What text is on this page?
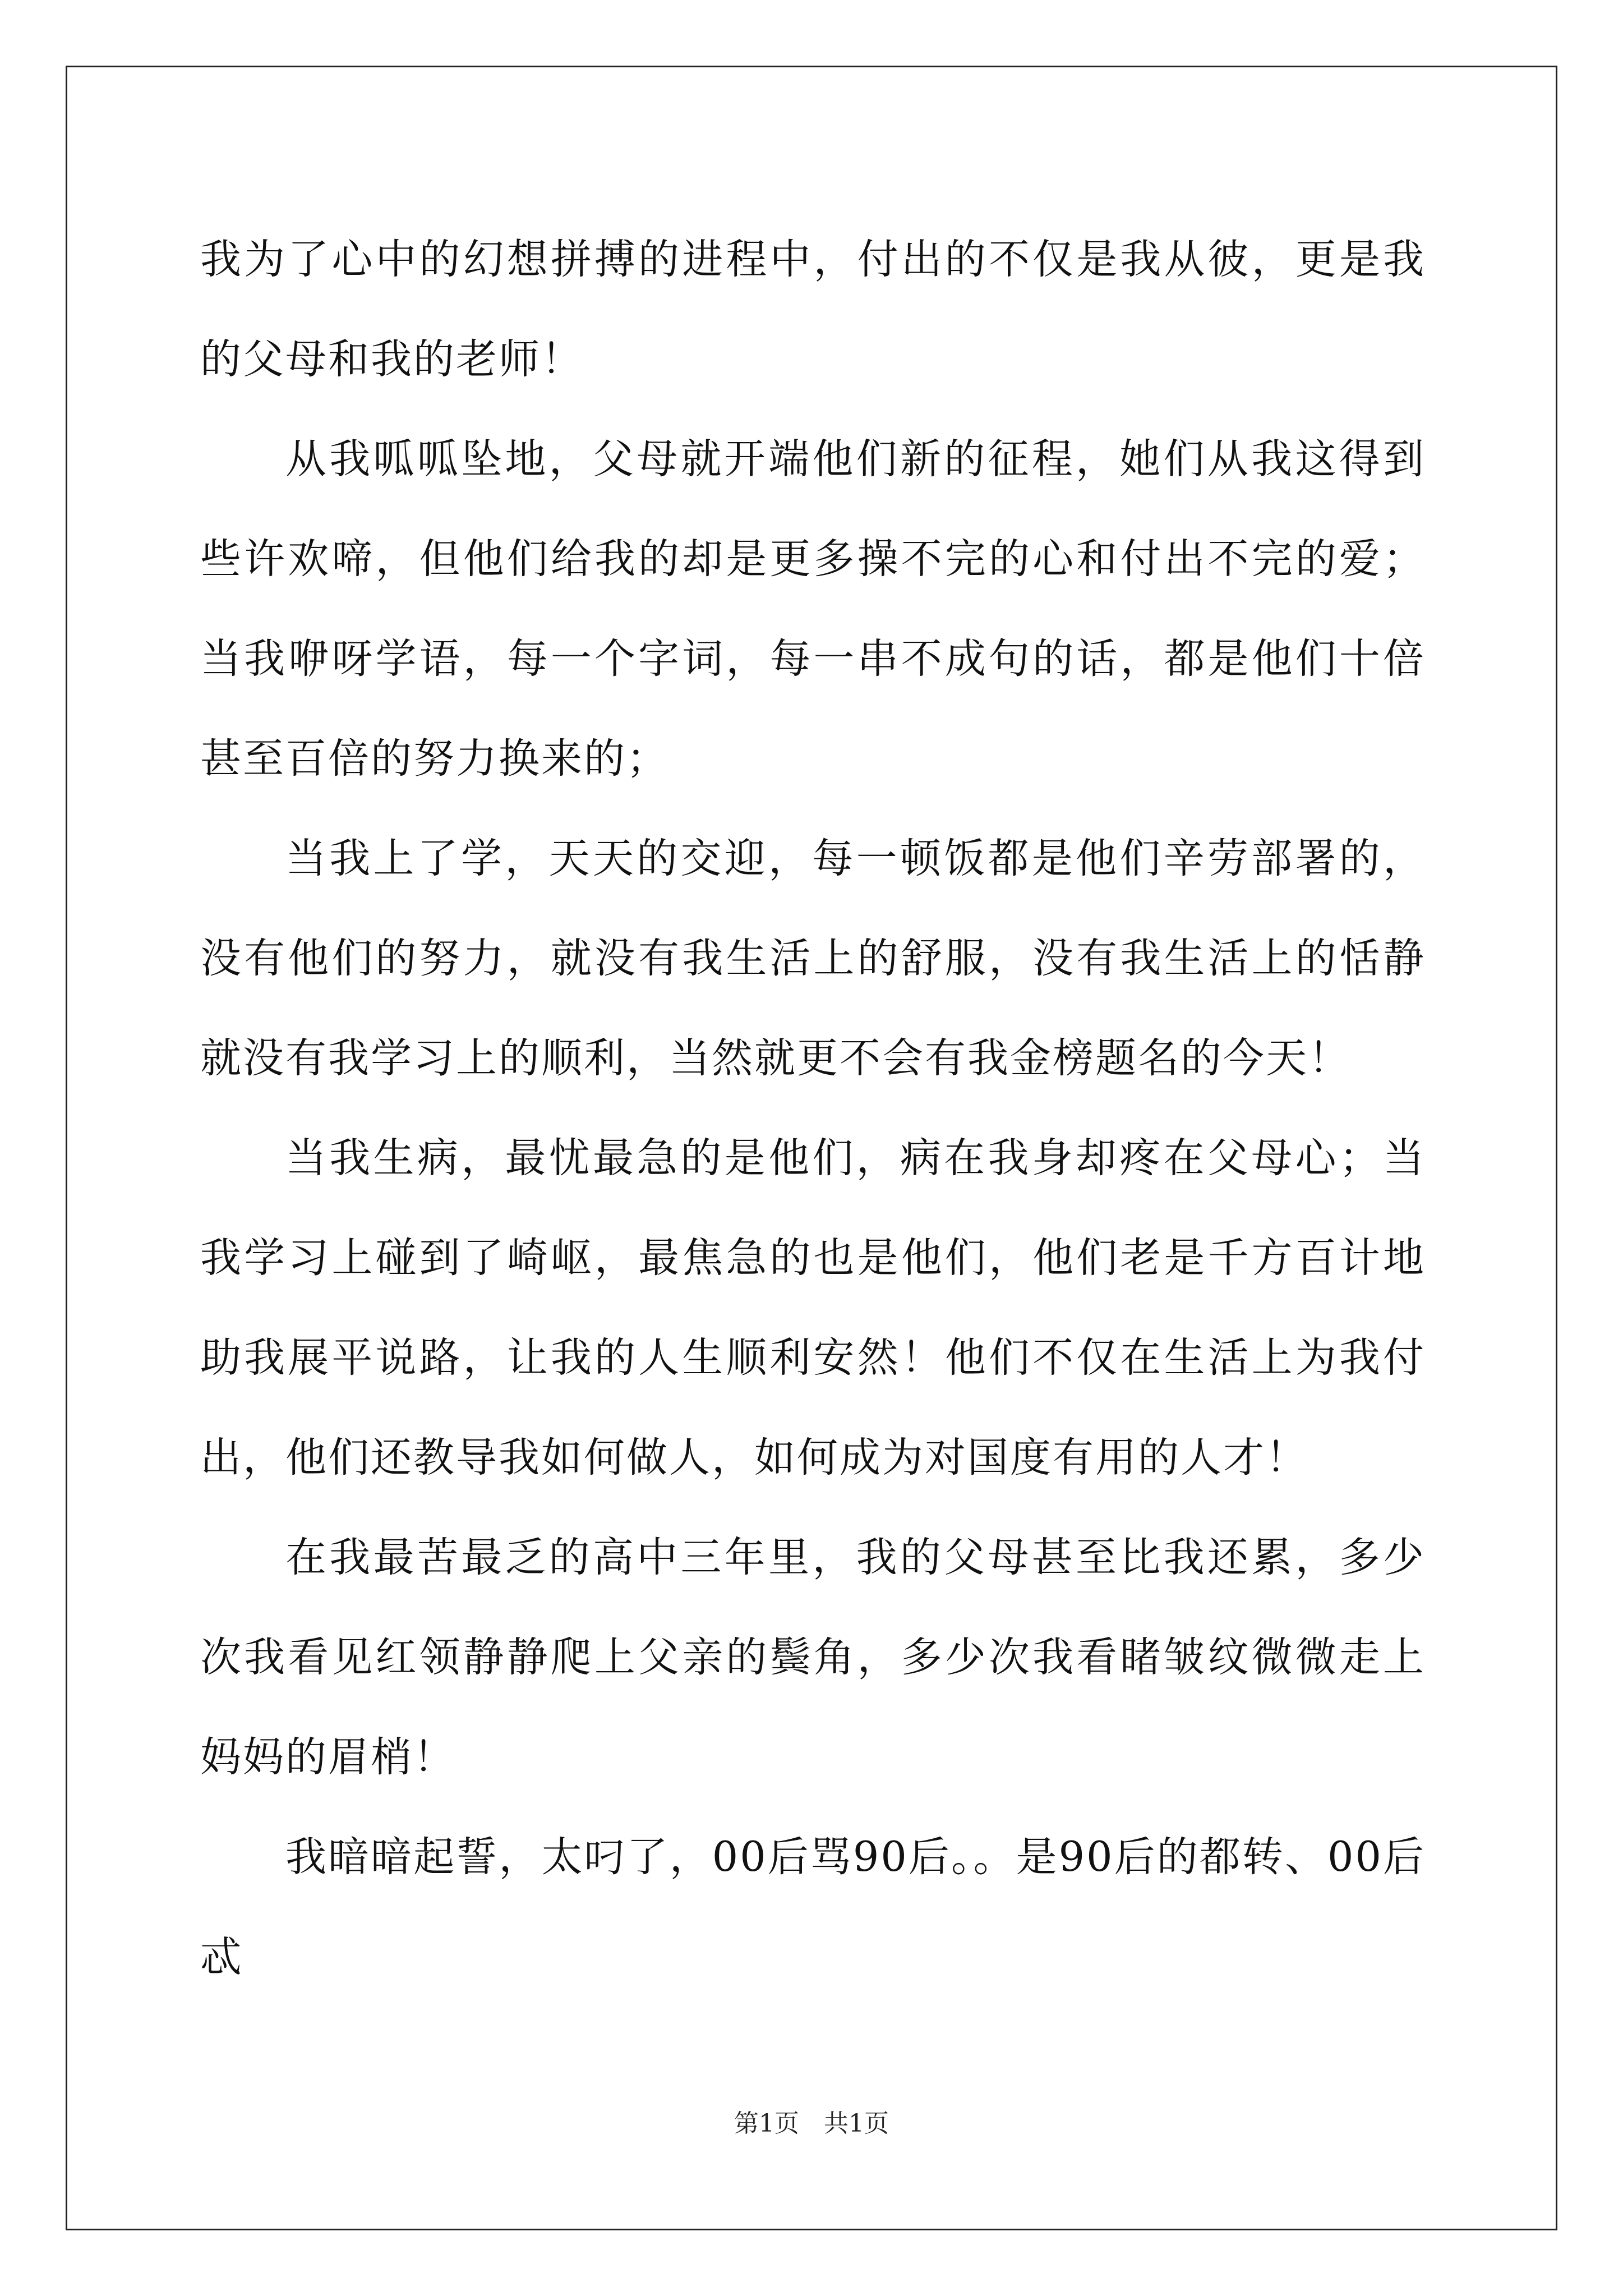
我为了心中的幻想拼搏的进程中，付出的不仅是我从彼，更是我的父母和我的老师！

从我呱呱坠地，父母就开端他们新的征程，她们从我这得到些许欢啼，但他们给我的却是更多操不完的心和付出不完的爱；当我咿呀学语，每一个字词，每一串不成句的话，都是他们十倍甚至百倍的努力换来的；

当我上了学，天天的交迎，每一顿饭都是他们辛劳部署的，没有他们的努力，就没有我生活上的舒服，没有我生活上的恬静就没有我学习上的顺利，当然就更不会有我金榜题名的今天！

当我生病，最忧最急的是他们，病在我身却疼在父母心；当我学习上碰到了崎岖，最焦急的也是他们，他们老是千方百计地助我展平说路，让我的人生顺利安然！他们不仅在生活上为我付出，他们还教导我如何做人，如何成为对国度有用的人才！

在我最苦最乏的高中三年里，我的父母甚至比我还累，多少次我看见红领静静爬上父亲的鬓角，多少次我看睹皱纹微微走上妈妈的眉梢！

我暗暗起誓，太叼了，00后骂90后。。是90后的都转、00后忒

第1页　共1页
